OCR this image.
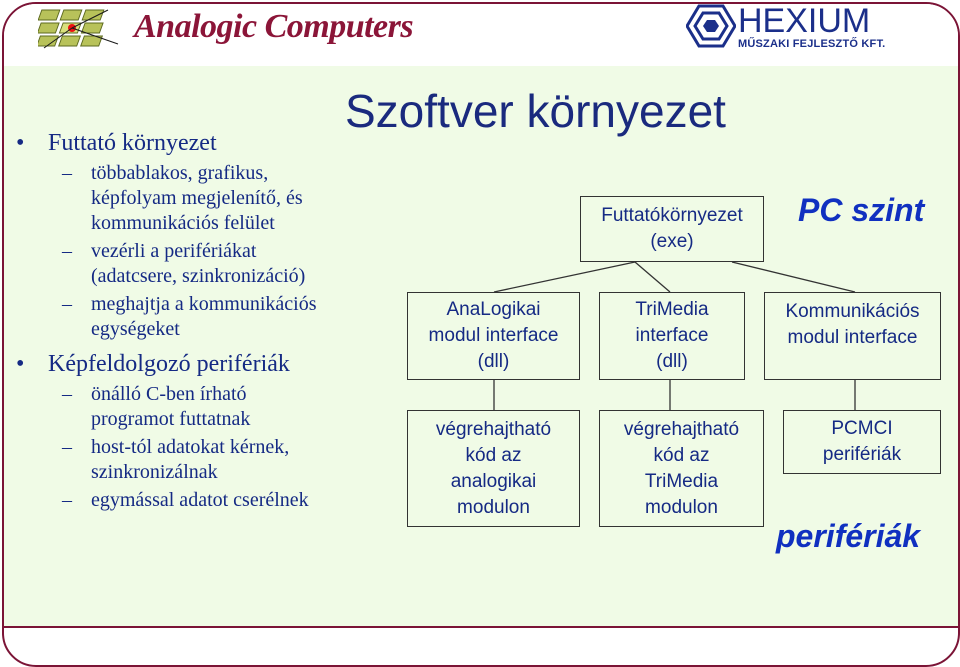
Analogic Computers	HEXIUM
MŰSZAKI FEJLESZTŐ KFT.
Szoftver környezet
• Futtató környezet
– többablakos, grafikus,
képfolyam megjelenítő, és
kommunikációs felület
– vezérli a perifériákat
(adatcsere, szinkronizáció)
– meghajtja a kommunikációs
egységeket
• Képfeldolgozó perifériák
– önálló C-ben írható
programot futtatnak
– host-tól adatokat kérnek,
szinkronizálnak
– egymással adatot cserélnek
Futtatókörnyezet
(exe)
AnaLogikai
modul interface
(dll)
TriMedia
interface
(dll)
Kommunikációs
modul interface
végrehajtható
kód az
analogikai
modulon
végrehajtható
kód az
TriMedia
modulon
PCMCI
perifériák
PC szint
perifériák
